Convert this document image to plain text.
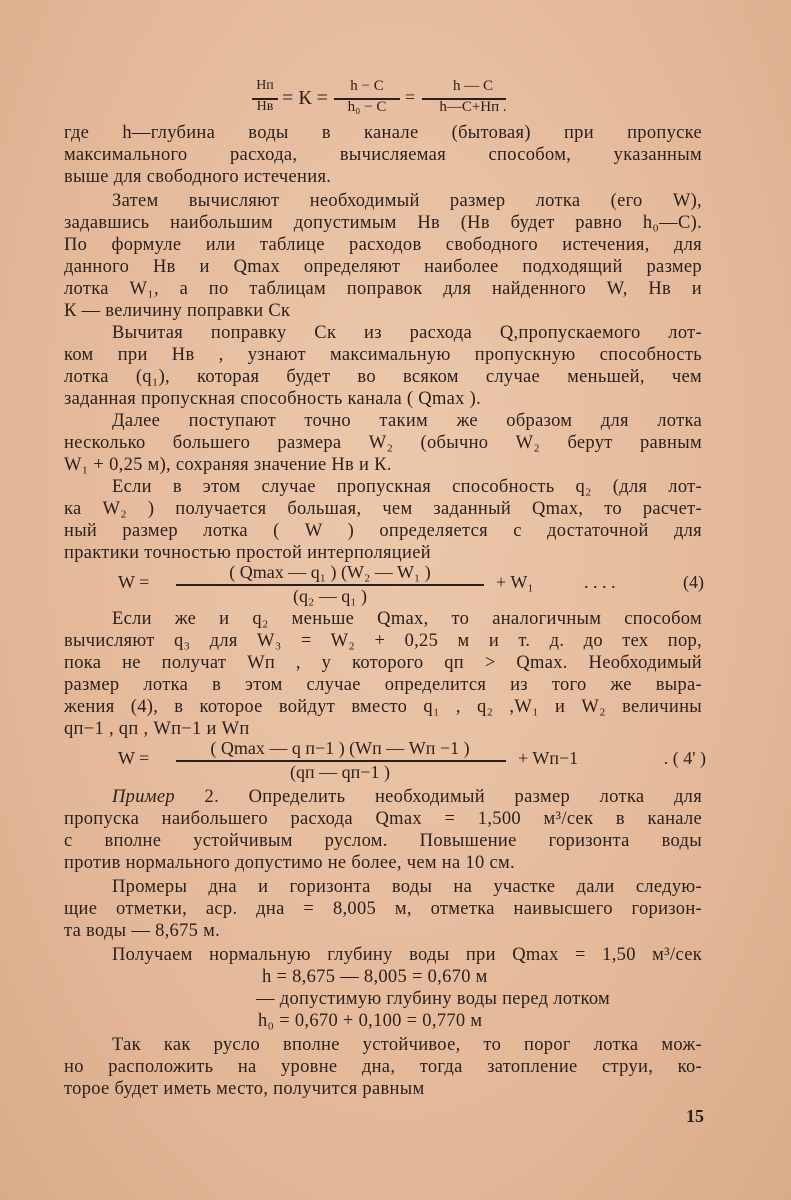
Hп
Hв = К =
h − C
h₀ − C	=
h — C
h—C+Hп .
где h—глубина воды в канале (бытовая) при пропуске
максимального расхода, вычисляемая способом, указанным
выше для свободного истечения.
Затем вычисляют необходимый размер лотка (его W),
задавшись наибольшим допустимым Hв (Hв будет равно h₀—С).
По формуле или таблице расходов свободного истечения, для
данного Hв и Qmax определяют наиболее подходящий размер
лотка W₁, а по таблицам поправок для найденного W, Hв и
К — величину поправки Cк
Вычитая поправку Cк из расхода Q,пропускаемого лот-
ком при Hв , узнают максимальную пропускную способность
лотка (q₁), которая будет во всяком случае меньшей, чем
заданная пропускная способность канала ( Qmax ).
Далее поступают точно таким же образом для лотка
несколько большего размера W₂ (обычно W₂ берут равным
W₁ + 0,25 м), сохраняя значение Hв и К.
Если в этом случае пропускная способность q₂ (для лот-
ка W₂ ) получается большая, чем заданный Qmax, то расчет-
ный размер лотка ( W ) определяется с достаточной для
практики точностью простой интерполяцией
W =	( Qmax — q₁ ) (W₂ — W₁ )
(q₂ — q₁ )
+ W₁	. . . .	(4)
Если же и q₂ меньше Qmax, то аналогичным способом
вычисляют q₃ для W₃ = W₂ + 0,25 м и т. д. до тех пор,
пока не получат Wп , у которого qп > Qmax. Необходимый
размер лотка в этом случае определится из того же выра-
жения (4), в которое войдут вместо q₁ , q₂ ,W₁ и W₂ величины
qп−1 , qп , Wп−1 и Wп
W =	( Qmax — q п−1 ) (Wп — Wп −1 )
(qп — qп−1 )
+ Wп−1	. ( 4' )
Пример 2. Определить необходимый размер лотка для
пропуска наибольшего расхода Qmax = 1,500 м³/сек в канале
с вполне устойчивым руслом. Повышение горизонта воды
против нормального допустимо не более, чем на 10 см.
Промеры дна и горизонта воды на участке дали следую-
щие отметки, aср. дна = 8,005 м, отметка наивысшего горизон-
та воды — 8,675 м.
Получаем нормальную глубину воды при Qmax = 1,50 м³/сек
h = 8,675 — 8,005 = 0,670 м
— допустимую глубину воды перед лотком
h₀ = 0,670 + 0,100 = 0,770 м
Так как русло вполне устойчивое, то порог лотка мож-
но расположить на уровне дна, тогда затопление струи, ко-
торое будет иметь место, получится равным
15
